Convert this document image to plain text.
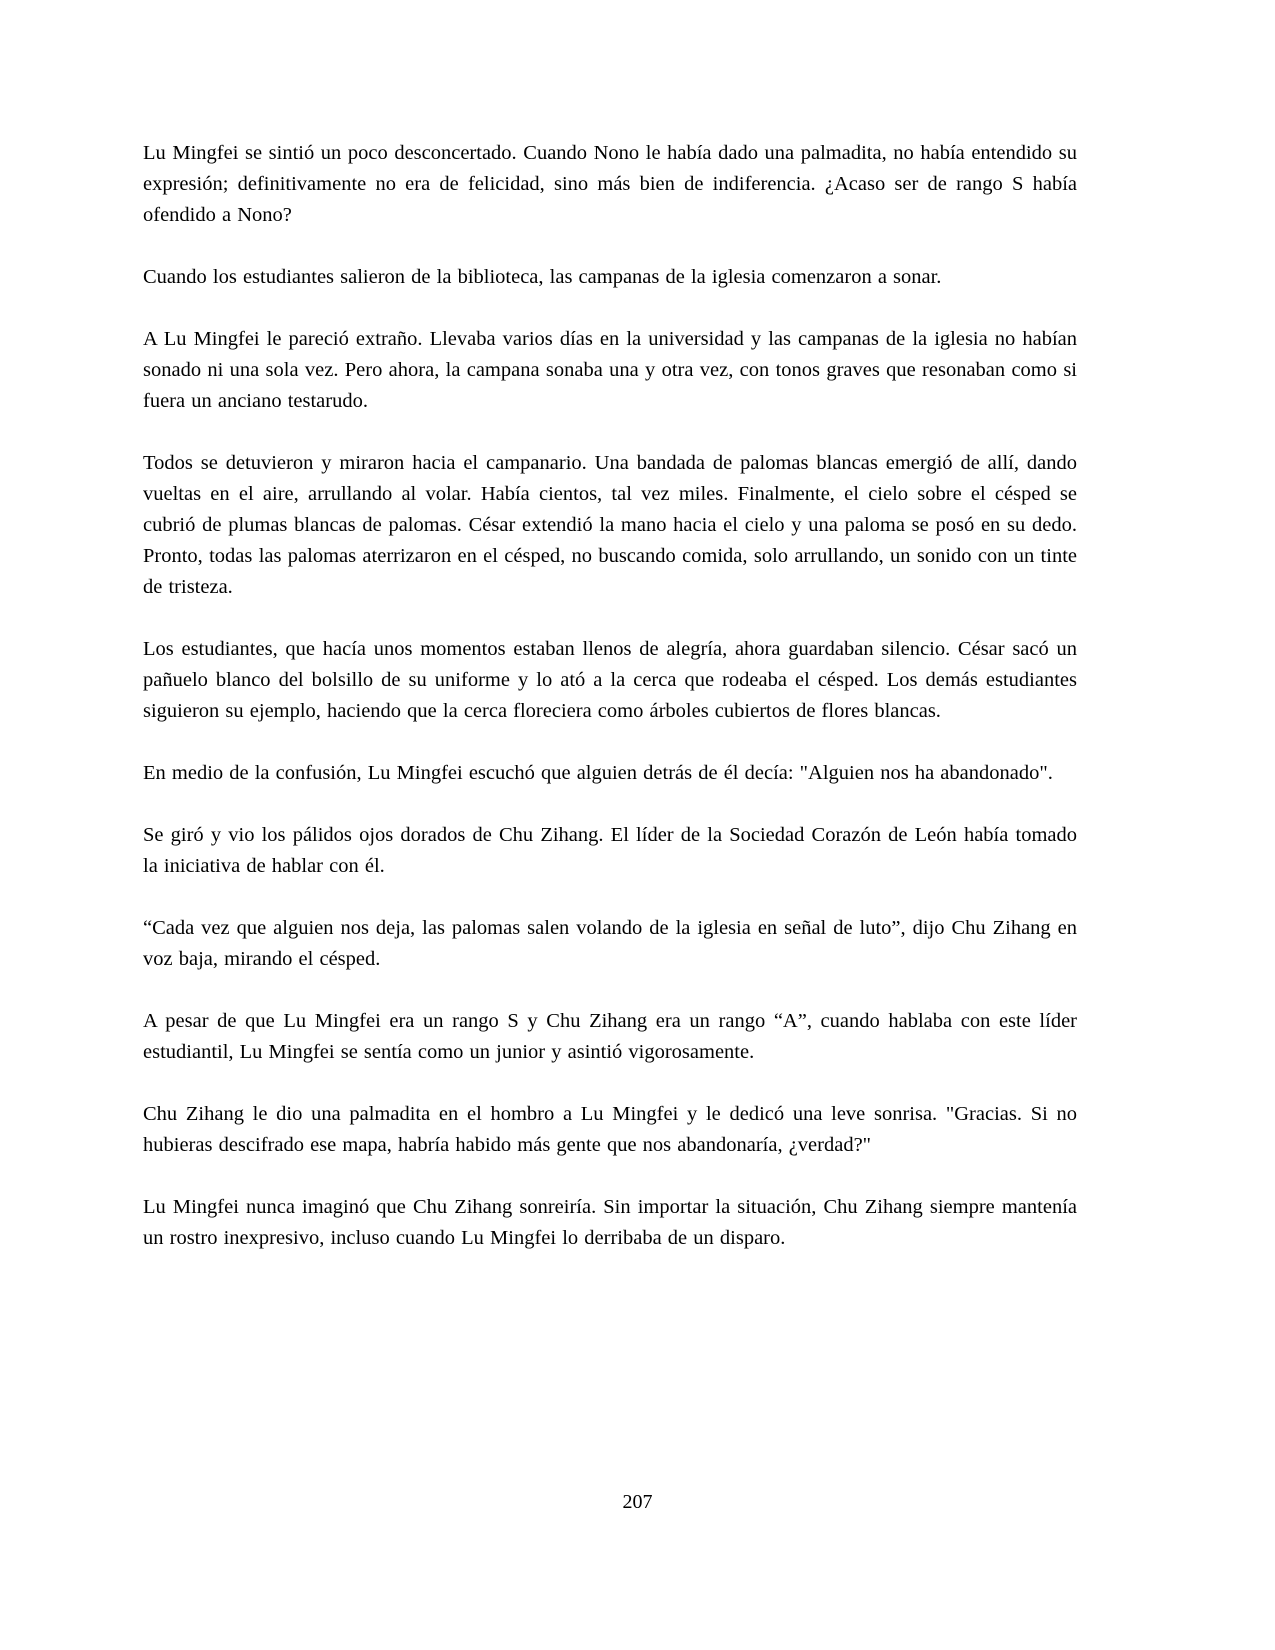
Lu Mingfei se sintió un poco desconcertado. Cuando Nono le había dado una palmadita, no había entendido su expresión; definitivamente no era de felicidad, sino más bien de indiferencia. ¿Acaso ser de rango S había ofendido a Nono?

Cuando los estudiantes salieron de la biblioteca, las campanas de la iglesia comenzaron a sonar.

A Lu Mingfei le pareció extraño. Llevaba varios días en la universidad y las campanas de la iglesia no habían sonado ni una sola vez. Pero ahora, la campana sonaba una y otra vez, con tonos graves que resonaban como si fuera un anciano testarudo.

Todos se detuvieron y miraron hacia el campanario. Una bandada de palomas blancas emergió de allí, dando vueltas en el aire, arrullando al volar. Había cientos, tal vez miles. Finalmente, el cielo sobre el césped se cubrió de plumas blancas de palomas. César extendió la mano hacia el cielo y una paloma se posó en su dedo. Pronto, todas las palomas aterrizaron en el césped, no buscando comida, solo arrullando, un sonido con un tinte de tristeza.

Los estudiantes, que hacía unos momentos estaban llenos de alegría, ahora guardaban silencio. César sacó un pañuelo blanco del bolsillo de su uniforme y lo ató a la cerca que rodeaba el césped. Los demás estudiantes siguieron su ejemplo, haciendo que la cerca floreciera como árboles cubiertos de flores blancas.

En medio de la confusión, Lu Mingfei escuchó que alguien detrás de él decía: "Alguien nos ha abandonado".

Se giró y vio los pálidos ojos dorados de Chu Zihang. El líder de la Sociedad Corazón de León había tomado la iniciativa de hablar con él.

“Cada vez que alguien nos deja, las palomas salen volando de la iglesia en señal de luto”, dijo Chu Zihang en voz baja, mirando el césped.

A pesar de que Lu Mingfei era un rango S y Chu Zihang era un rango “A”, cuando hablaba con este líder estudiantil, Lu Mingfei se sentía como un junior y asintió vigorosamente.

Chu Zihang le dio una palmadita en el hombro a Lu Mingfei y le dedicó una leve sonrisa. "Gracias. Si no hubieras descifrado ese mapa, habría habido más gente que nos abandonaría, ¿verdad?"

Lu Mingfei nunca imaginó que Chu Zihang sonreiría. Sin importar la situación, Chu Zihang siempre mantenía un rostro inexpresivo, incluso cuando Lu Mingfei lo derribaba de un disparo.

207
